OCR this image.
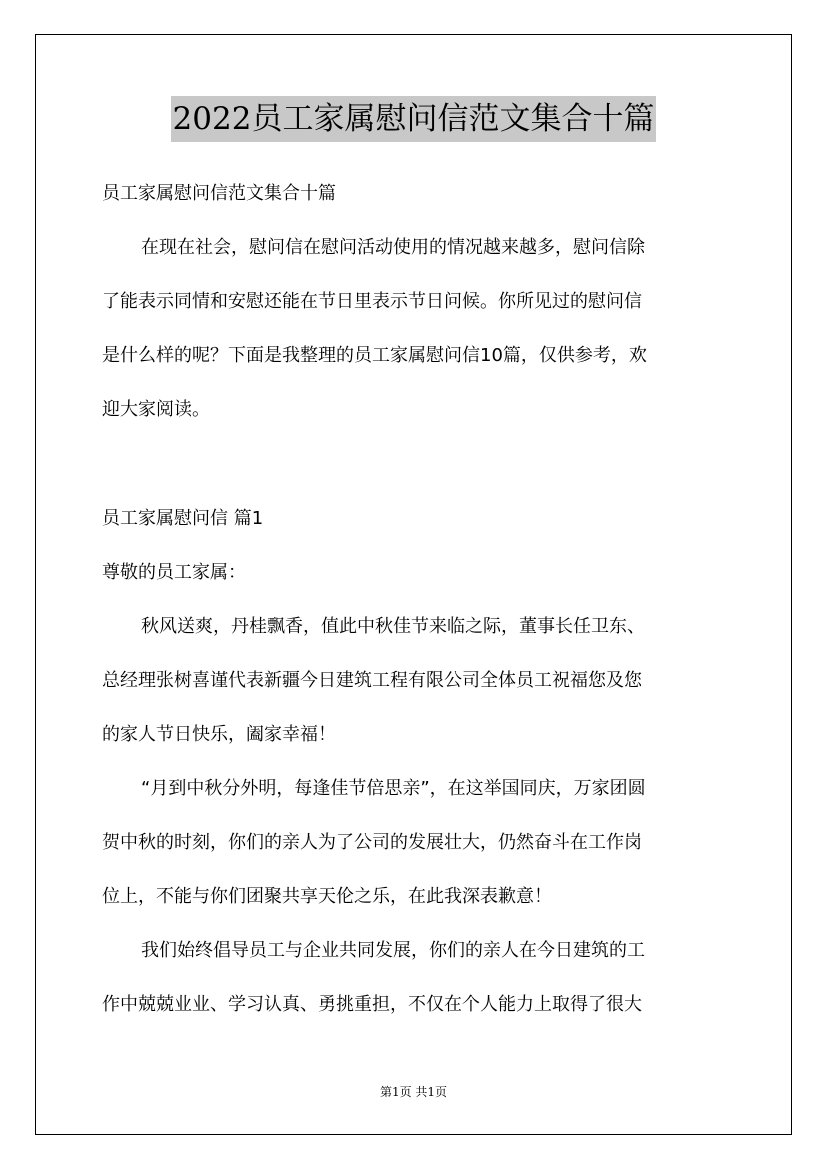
2022员工家属慰问信范文集合十篇
员工家属慰问信范文集合十篇
在现在社会，慰问信在慰问活动使用的情况越来越多，慰问信除
了能表示同情和安慰还能在节日里表示节日问候。你所见过的慰问信
是什么样的呢？下面是我整理的员工家属慰问信10篇，仅供参考，欢
迎大家阅读。
员工家属慰问信 篇1
尊敬的员工家属：
秋风送爽，丹桂飘香，值此中秋佳节来临之际，董事长任卫东、
总经理张树喜谨代表新疆今日建筑工程有限公司全体员工祝福您及您
的家人节日快乐，阖家幸福！
“月到中秋分外明，每逢佳节倍思亲”，在这举国同庆，万家团圆
贺中秋的时刻，你们的亲人为了公司的发展壮大，仍然奋斗在工作岗
位上，不能与你们团聚共享天伦之乐，在此我深表歉意！
我们始终倡导员工与企业共同发展，你们的亲人在今日建筑的工
作中兢兢业业、学习认真、勇挑重担，不仅在个人能力上取得了很大
第1页 共1页
